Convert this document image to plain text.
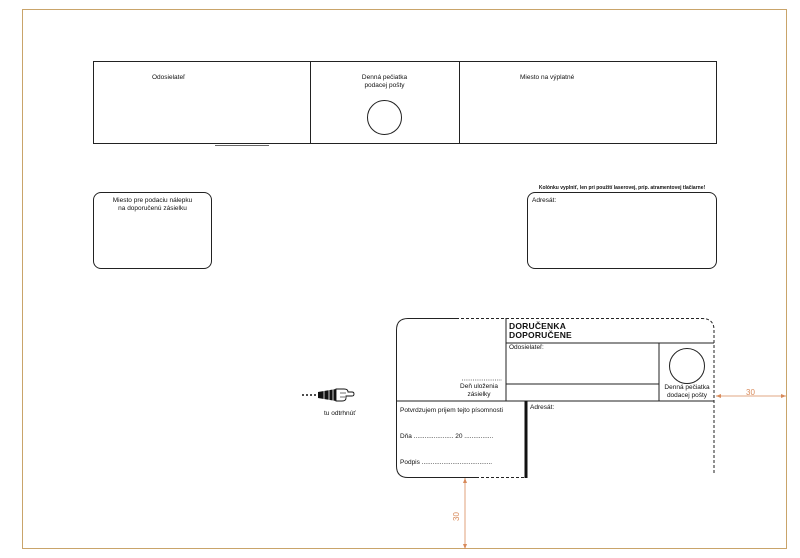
Odosielateľ	Denná pečiatka
podacej pošty
Miesto na výplatné
Miesto pre podaciu nálepku
na doporučenú zásielku
Kolónku vyplniť, len pri použití laserovej, príp. atramentovej tlačiarne!
Adresát:
tu odtrhnúť
DORUČENKA
DOPORUČENE
Odosielateľ:
Deň uloženia
zásielky
Denná pečiatka
dodacej pošty
Potvrdzujem prijem tejto písomnosti
Dňa ...................... 20 ................
Podpis .......................................
Adresát:
30
30
